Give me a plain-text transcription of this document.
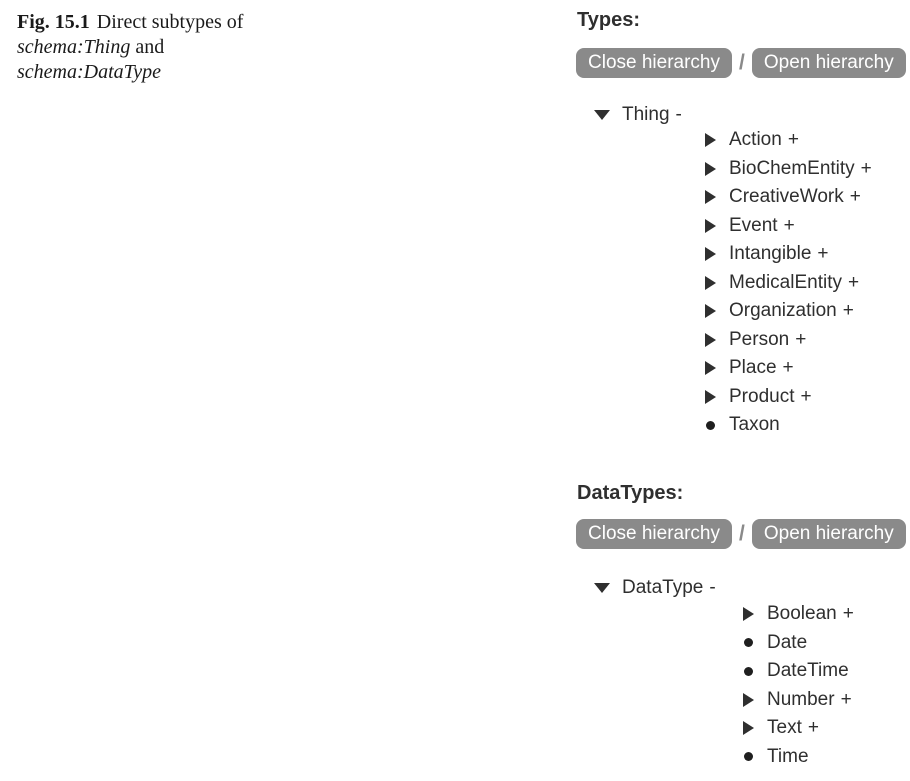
Fig. 15.1 Direct subtypes of schema:Thing and schema:DataType
Types:
Close hierarchy /	Open hierarchy
Thing -
Action +
BioChemEntity +
CreativeWork +
Event +
Intangible +
MedicalEntity +
Organization +
Person +
Place +
Product +
Taxon
DataTypes:
Close hierarchy /	Open hierarchy
DataType -
Boolean +
Date
DateTime
Number +
Text +
Time
